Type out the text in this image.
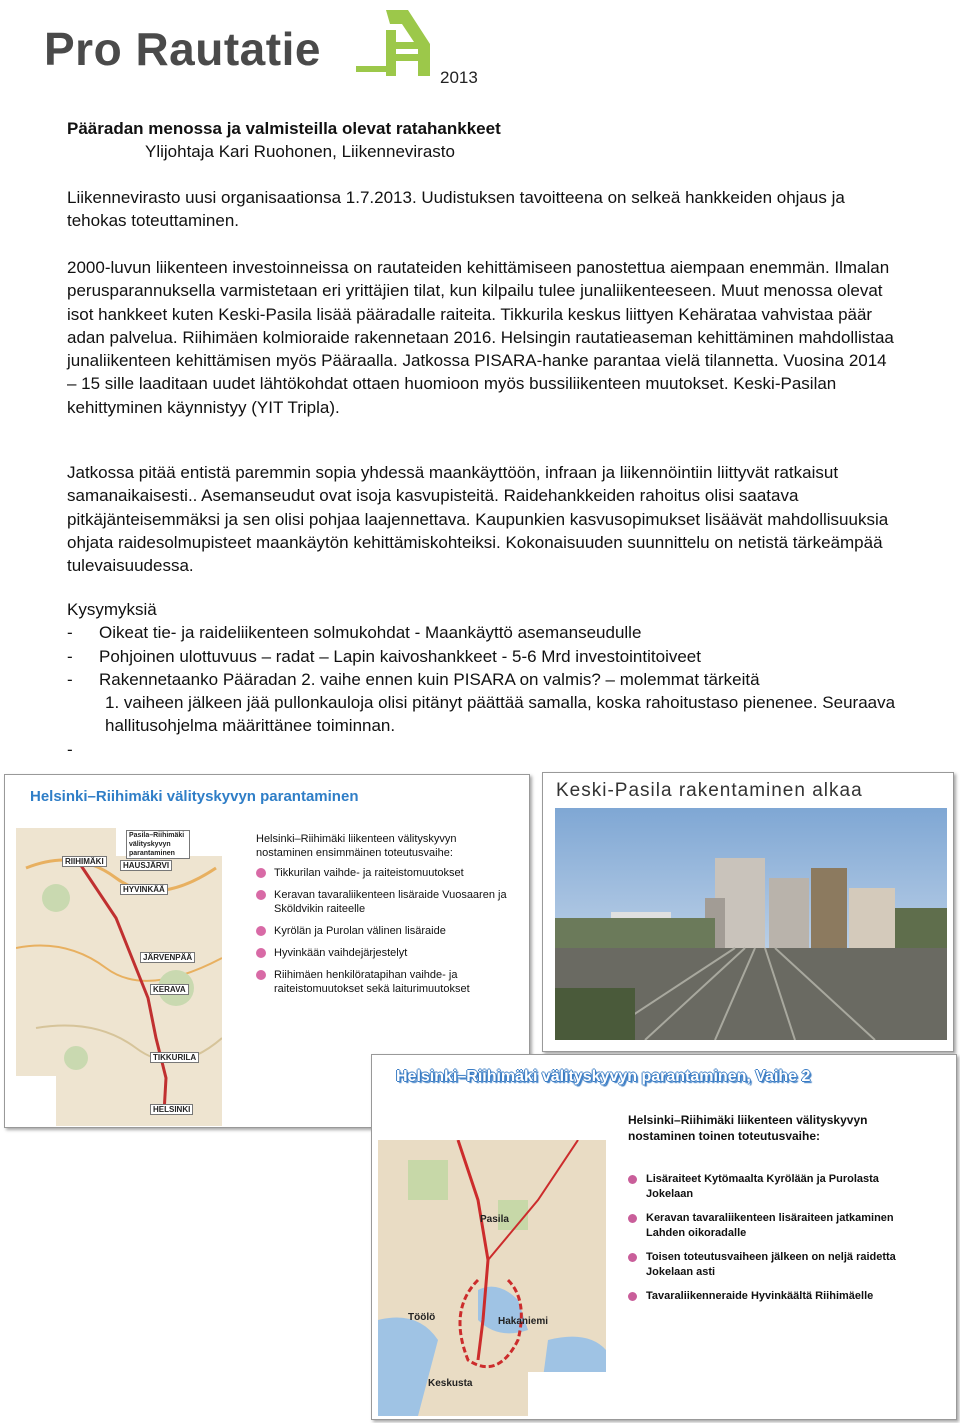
Pro Rautatie
2013
Pääradan menossa ja valmisteilla olevat ratahankkeet
Ylijohtaja Kari Ruohonen, Liikennevirasto

Liikennevirasto uusi organisaationsa 1.7.2013. Uudistuksen tavoitteena on selkeä hankkeiden ohjaus ja tehokas toteuttaminen.

2000-luvun liikenteen investoinneissa on rautateiden kehittämiseen panostettua aiempaan enemmän. Ilmalan perusparannuksella varmistetaan eri yrittäjien tilat, kun kilpailu tulee junaliikenteeseen. Muut menossa olevat isot hankkeet kuten Keski-Pasila lisää pääradalle raiteita. Tikkurila keskus liittyen Kehärataa vahvistaa päär adan palvelua. Riihimäen kolmioraide rakennetaan 2016. Helsingin rautatieaseman kehittäminen mahdollistaa junaliikenteen kehittämisen myös Pääraalla. Jatkossa PISARA-hanke parantaa vielä tilannetta. Vuosina 2014 – 15 sille laaditaan uudet lähtökohdat ottaen huomioon myös bussiliikenteen muutokset. Keski-Pasilan kehittyminen käynnistyy (YIT Tripla).

Jatkossa pitää entistä paremmin sopia yhdessä maankäyttöön, infraan ja liikennöintiin liittyvät ratkaisut samanaikaisesti.. Asemanseudut ovat isoja kasvupisteitä. Raidehankkeiden rahoitus olisi saatava pitkäjänteisemmäksi ja sen olisi pohjaa laajennettava. Kaupunkien kasvusopimukset lisäävät mahdollisuuksia ohjata raidesolmupisteet maankäytön kehittämiskohteiksi. Kokonaisuuden suunnittelu on netistä tärkeämpää tulevaisuudessa.

Kysymyksiä
-	Oikeat tie- ja raideliikenteen solmukohdat - Maankäyttö asemanseudulle
-	Pohjoinen ulottuvuus – radat – Lapin kaivoshankkeet - 5-6 Mrd investointitoiveet
-	Rakennetaanko Pääradan 2. vaihe ennen kuin PISARA on valmis? – molemmat tärkeitä
1. vaiheen jälkeen jää pullonkauloja olisi pitänyt päättää samalla, koska rahoitustaso pienenee. Seuraava hallitusohjelma määrittänee toiminnan.
-
Helsinki–Riihimäki välityskyvyn parantaminen
Pasila–Riihimäki välityskyvyn parantaminen
RIIHIMÄKI	HAUSJÄRVI
HYVINKÄÄ
JÄRVENPÄÄ
KERAVA
TIKKURILA
HELSINKI
Helsinki–Riihimäki liikenteen välityskyvyn nostaminen ensimmäinen toteutusvaihe:
Tikkurilan vaihde- ja raiteistomuutokset
Keravan tavaraliikenteen lisäraide Vuosaaren ja Sköldvikin raiteelle
Kyrölän ja Purolan välinen lisäraide
Hyvinkään vaihdejärjestelyt
Riihimäen henkilöratapihan vaihde- ja raiteistomuutokset sekä laiturimuutokset
Keski-Pasila rakentaminen alkaa
Helsinki–Riihimäki välityskyvyn parantaminen, Vaihe 2
Pasila
Töölö	Hakaniemi
Keskusta
Helsinki–Riihimäki liikenteen välityskyvyn nostaminen toinen toteutusvaihe:
Lisäraiteet Kytömaalta Kyrölään ja Purolasta Jokelaan
Keravan tavaraliikenteen lisäraiteen jatkaminen Lahden oikoradalle
Toisen toteutusvaiheen jälkeen on neljä raidetta Jokelaan asti
Tavaraliikenneraide Hyvinkäältä Riihimäelle
